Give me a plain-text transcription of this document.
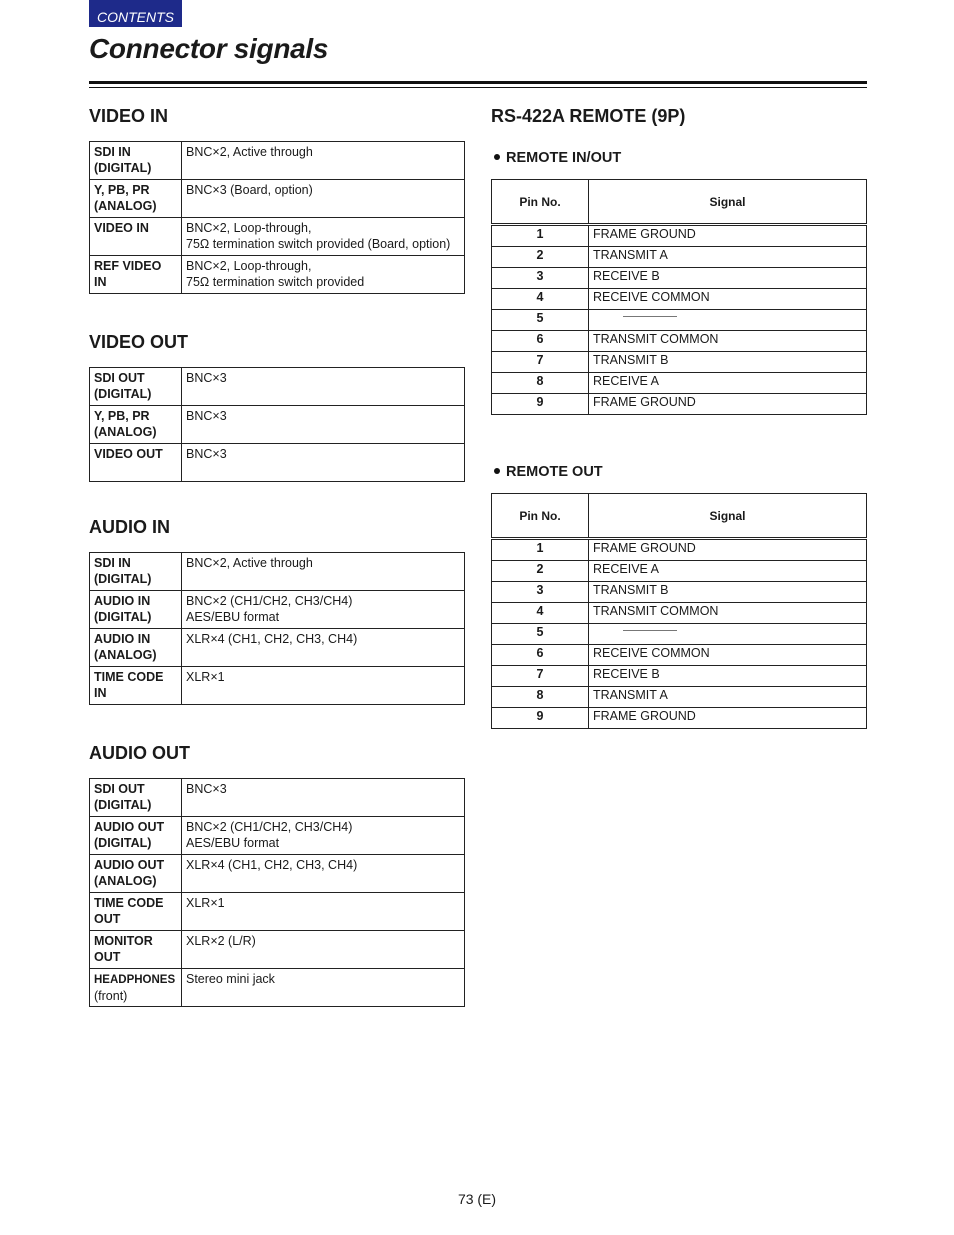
CONTENTS
Connector signals
VIDEO IN
SDI IN
(DIGITAL)	BNC×2, Active through
Y, PB, PR
(ANALOG)	BNC×3 (Board, option)
VIDEO IN	BNC×2, Loop-through,
75Ω termination switch provided (Board, option)
REF VIDEO IN	BNC×2, Loop-through,
75Ω termination switch provided
VIDEO OUT
SDI OUT
(DIGITAL)	BNC×3
Y, PB, PR
(ANALOG)	BNC×3
VIDEO OUT	BNC×3
AUDIO IN
SDI IN
(DIGITAL)	BNC×2, Active through
AUDIO IN
(DIGITAL)	BNC×2 (CH1/CH2, CH3/CH4)
AES/EBU format
AUDIO IN
(ANALOG)	XLR×4 (CH1, CH2, CH3, CH4)
TIME CODE
IN	XLR×1
AUDIO OUT
SDI OUT
(DIGITAL)	BNC×3
AUDIO OUT
(DIGITAL)	BNC×2 (CH1/CH2, CH3/CH4)
AES/EBU format
AUDIO OUT
(ANALOG)	XLR×4 (CH1, CH2, CH3, CH4)
TIME CODE
OUT	XLR×1
MONITOR
OUT	XLR×2 (L/R)
HEADPHONES
(front)	Stereo mini jack
RS-422A REMOTE (9P)
REMOTE IN/OUT
Pin No.	Signal
1	FRAME GROUND
2	TRANSMIT A
3	RECEIVE B
4	RECEIVE COMMON
5	
6	TRANSMIT COMMON
7	TRANSMIT B
8	RECEIVE A
9	FRAME GROUND
REMOTE OUT
Pin No.	Signal
1	FRAME GROUND
2	RECEIVE A
3	TRANSMIT B
4	TRANSMIT COMMON
5	
6	RECEIVE COMMON
7	RECEIVE B
8	TRANSMIT A
9	FRAME GROUND
73 (E)
